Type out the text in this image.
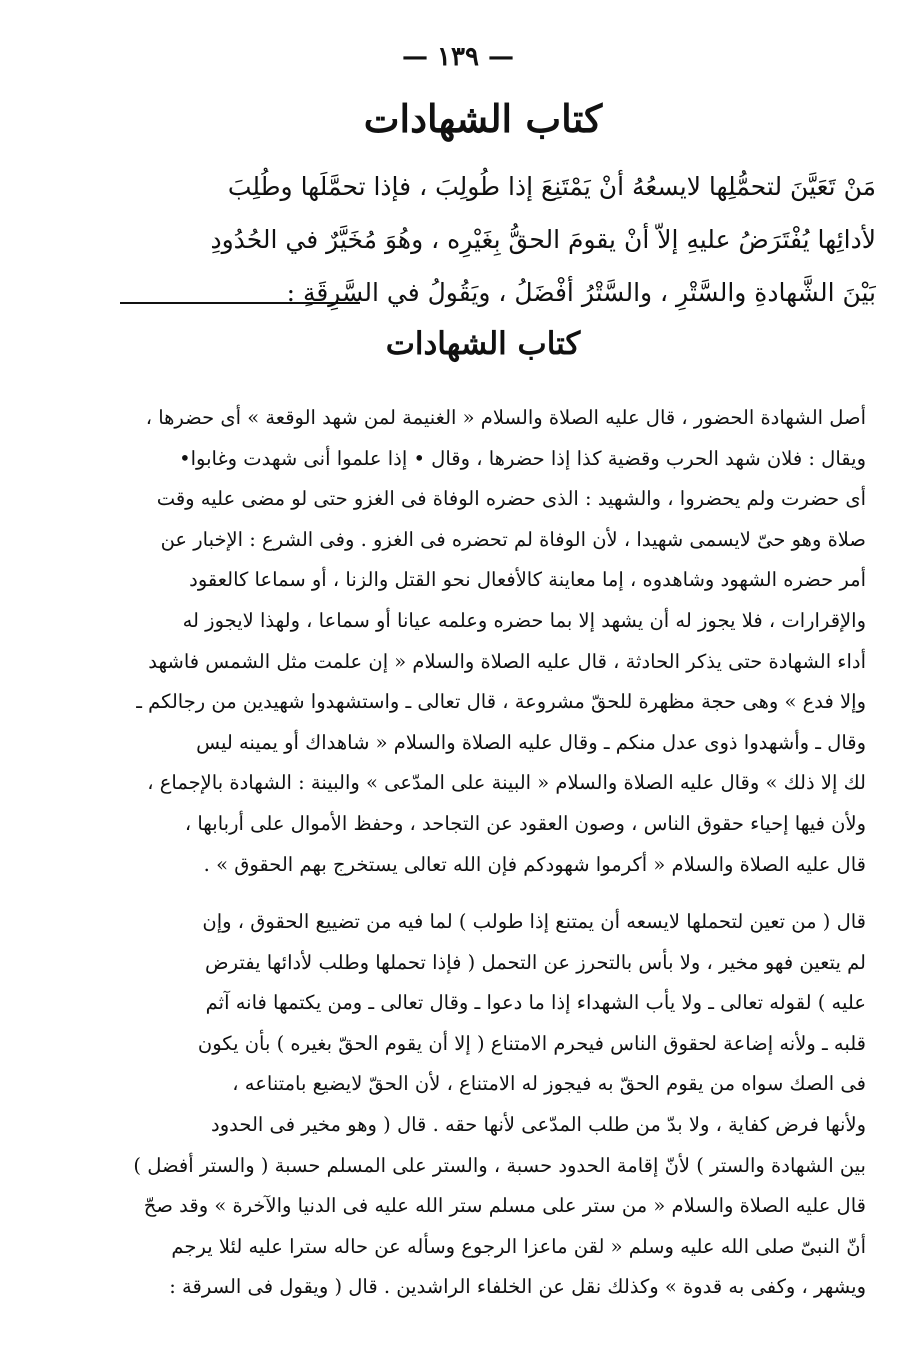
— ١٣٩ —
كتاب الشهادات
مَنْ تَعَيَّنَ لتحمُّلِها لايسعُهُ أنْ يَمْتَنِعَ إذا طُولِبَ ، فإذا تحمَّلَها وطُلِبَ
لأدائِها يُفْتَرَضُ عليهِ إلاّ أنْ يقومَ الحقُّ بِغَيْرِه ، وهُوَ مُخَيَّرٌ في الحُدُودِ
بَيْنَ الشَّهادةِ والسَّتْرِ ، والسَّتْرُ أفْضَلُ ، ويَقُولُ في السَّرِقَةِ :
كتاب الشهادات
أصل الشهادة الحضور ، قال عليه الصلاة والسلام « الغنيمة لمن شهد الوقعة » أى حضرها ،
ويقال : فلان شهد الحرب وقضية كذا إذا حضرها ، وقال • إذا علموا أنى شهدت وغابوا•
أى حضرت ولم يحضروا ، والشهيد : الذى حضره الوفاة فى الغزو حتى لو مضى عليه وقت
صلاة وهو حىّ لايسمى شهيدا ، لأن الوفاة لم تحضره فى الغزو . وفى الشرع : الإخبار عن
أمر حضره الشهود وشاهدوه ، إما معاينة كالأفعال نحو القتل والزنا ، أو سماعا كالعقود
والإقرارات ، فلا يجوز له أن يشهد إلا بما حضره وعلمه عيانا أو سماعا ، ولهذا لايجوز له
أداء الشهادة حتى يذكر الحادثة ، قال عليه الصلاة والسلام « إن علمت مثل الشمس فاشهد
وإلا فدع » وهى حجة مظهرة للحقّ مشروعة ، قال تعالى ـ واستشهدوا شهيدين من رجالكم ـ
وقال ـ وأشهدوا ذوى عدل منكم ـ وقال عليه الصلاة والسلام « شاهداك أو يمينه ليس
لك إلا ذلك » وقال عليه الصلاة والسلام « البينة على المدّعى » والبينة : الشهادة بالإجماع ،
ولأن فيها إحياء حقوق الناس ، وصون العقود عن التجاحد ، وحفظ الأموال على أربابها ،
قال عليه الصلاة والسلام « أكرموا شهودكم فإن الله تعالى يستخرج بهم الحقوق » .
قال ( من تعين لتحملها لايسعه أن يمتنع إذا طولب ) لما فيه من تضييع الحقوق ، وإن
لم يتعين فهو مخير ، ولا بأس بالتحرز عن التحمل ( فإذا تحملها وطلب لأدائها يفترض
عليه ) لقوله تعالى ـ ولا يأب الشهداء إذا ما دعوا ـ وقال تعالى ـ ومن يكتمها فانه آثم
قلبه ـ ولأنه إضاعة لحقوق الناس فيحرم الامتناع ( إلا أن يقوم الحقّ بغيره ) بأن يكون
فى الصك سواه من يقوم الحقّ به فيجوز له الامتناع ، لأن الحقّ لايضيع بامتناعه ،
ولأنها فرض كفاية ، ولا بدّ من طلب المدّعى لأنها حقه . قال ( وهو مخير فى الحدود
بين الشهادة والستر ) لأنّ إقامة الحدود حسبة ، والستر على المسلم حسبة ( والستر أفضل )
قال عليه الصلاة والسلام « من ستر على مسلم ستر الله عليه فى الدنيا والآخرة » وقد صحّ
أنّ النبىّ صلى الله عليه وسلم « لقن ماعزا الرجوع وسأله عن حاله سترا عليه لئلا يرجم
ويشهر ، وكفى به قدوة » وكذلك نقل عن الخلفاء الراشدين . قال ( ويقول فى السرقة :
